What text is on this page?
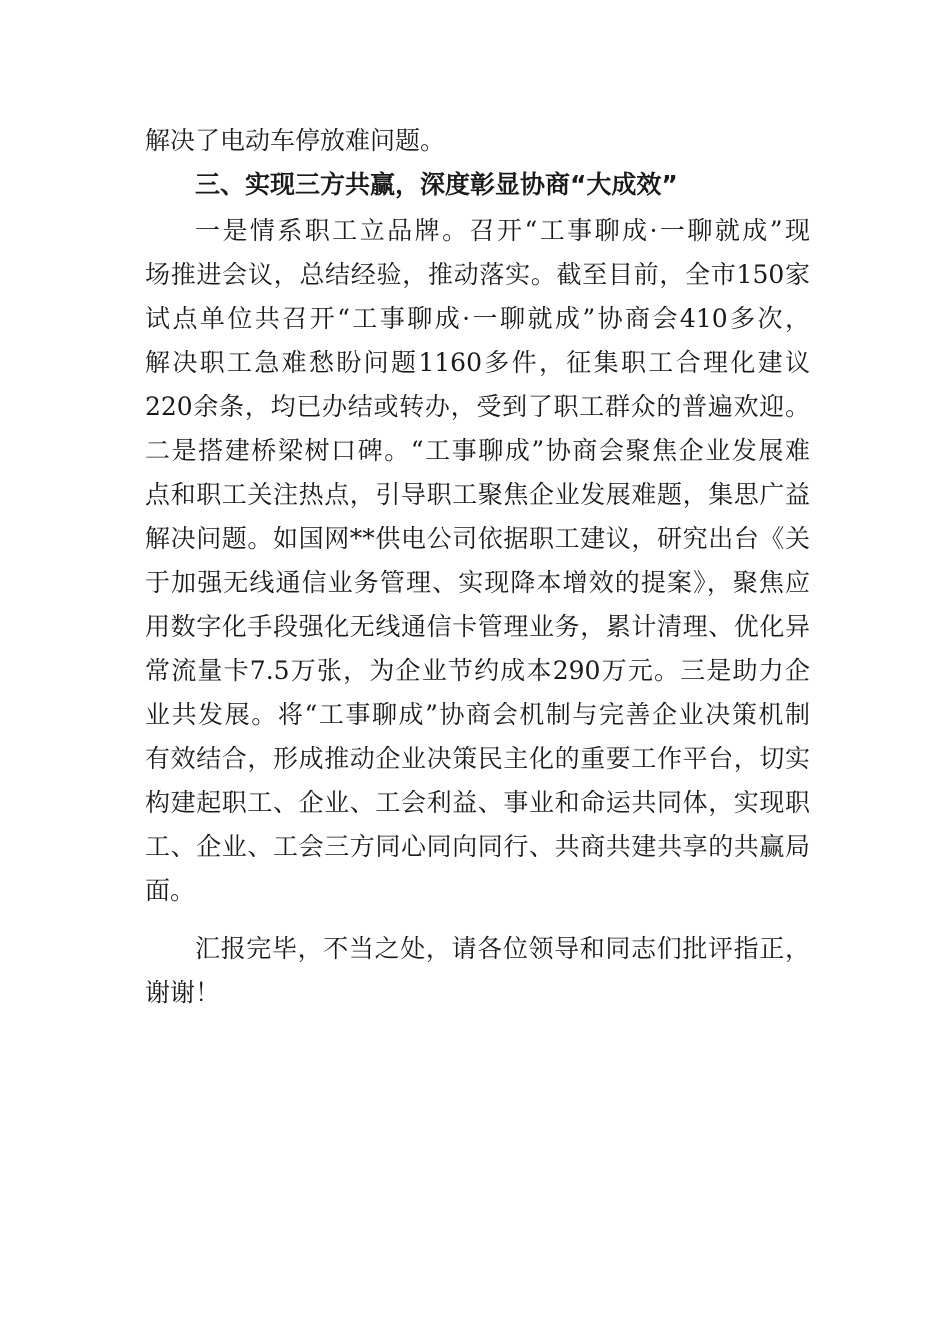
解决了电动车停放难问题。
三、实现三方共赢，深度彰显协商“大成效”
一是情系职工立品牌。召开“工事聊成·一聊就成”现
场推进会议，总结经验，推动落实。截至目前，全市150家
试点单位共召开“工事聊成·一聊就成”协商会410多次，
解决职工急难愁盼问题1160多件，征集职工合理化建议
220余条，均已办结或转办，受到了职工群众的普遍欢迎。
二是搭建桥梁树口碑。“工事聊成”协商会聚焦企业发展难
点和职工关注热点，引导职工聚焦企业发展难题，集思广益
解决问题。如国网**供电公司依据职工建议，研究出台《关
于加强无线通信业务管理、实现降本增效的提案》，聚焦应
用数字化手段强化无线通信卡管理业务，累计清理、优化异
常流量卡7.5万张，为企业节约成本290万元。三是助力企
业共发展。将“工事聊成”协商会机制与完善企业决策机制
有效结合，形成推动企业决策民主化的重要工作平台，切实
构建起职工、企业、工会利益、事业和命运共同体，实现职
工、企业、工会三方同心同向同行、共商共建共享的共赢局
面。
汇报完毕，不当之处，请各位领导和同志们批评指正，
谢谢！
